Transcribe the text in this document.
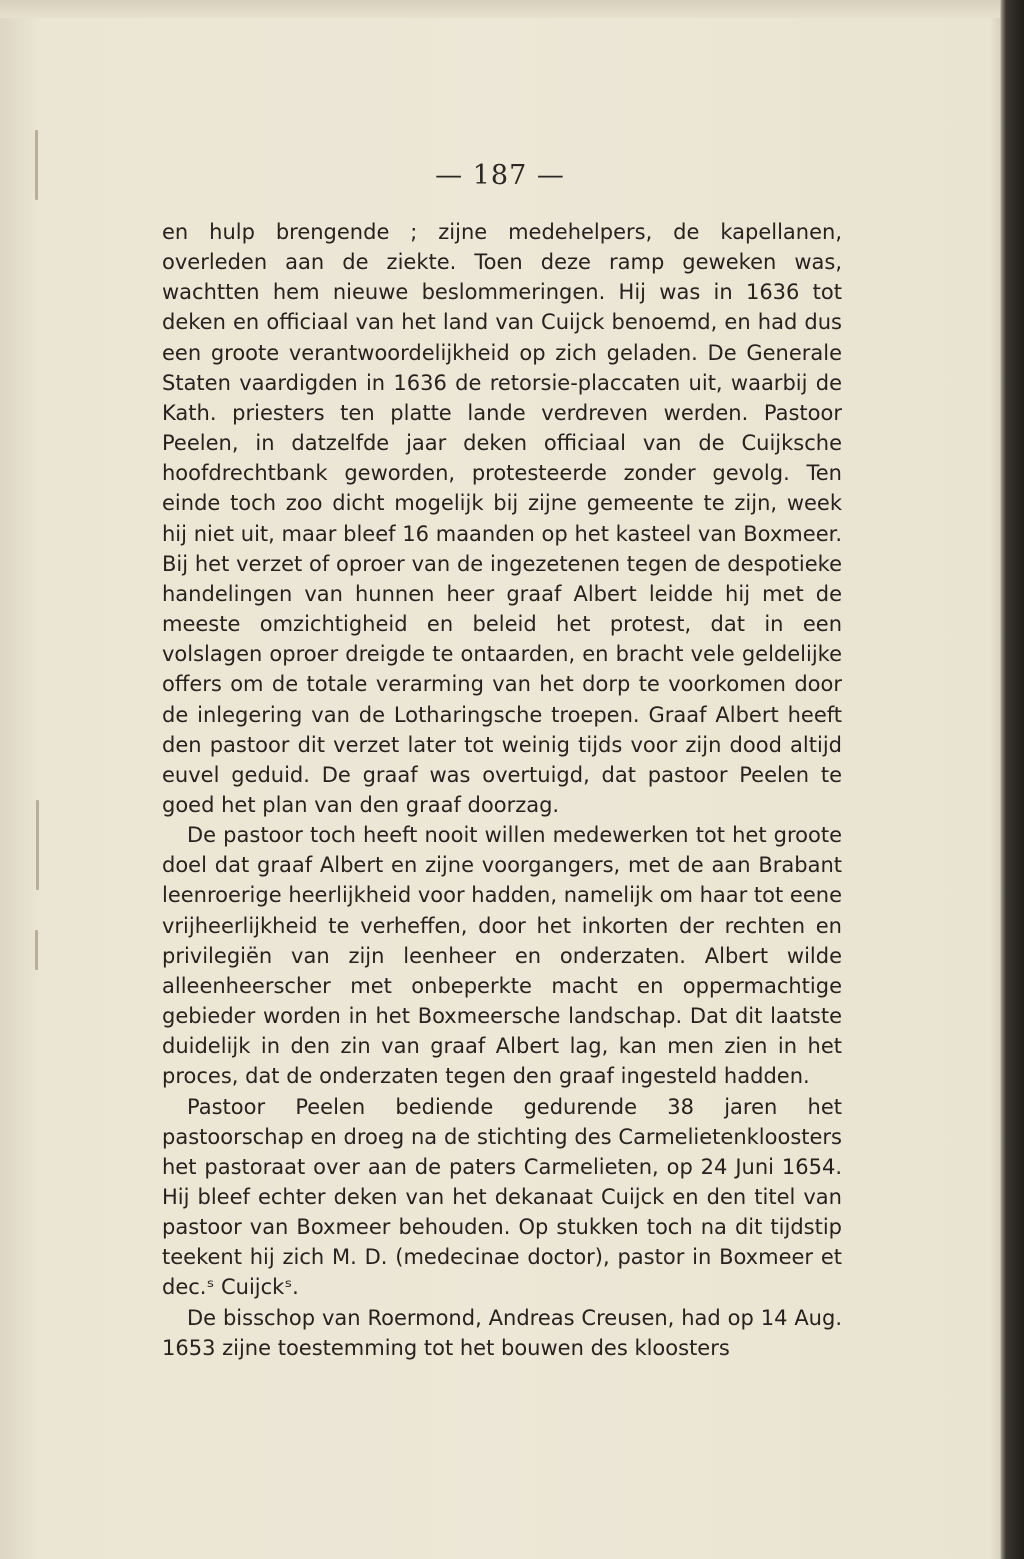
— 187 —

en hulp brengende ; zijne medehelpers, de kapellanen, overleden aan de ziekte. Toen deze ramp geweken was, wachtten hem nieuwe beslommeringen. Hij was in 1636 tot deken en officiaal van het land van Cuijck benoemd, en had dus een groote verantwoordelijkheid op zich geladen. De Generale Staten vaardigden in 1636 de retorsie-placcaten uit, waarbij de Kath. priesters ten platte lande verdreven werden. Pastoor Peelen, in datzelfde jaar deken officiaal van de Cuijksche hoofdrechtbank geworden, protesteerde zonder gevolg. Ten einde toch zoo dicht mogelijk bij zijne gemeente te zijn, week hij niet uit, maar bleef 16 maanden op het kasteel van Boxmeer. Bij het verzet of oproer van de ingezetenen tegen de despotieke handelingen van hunnen heer graaf Albert leidde hij met de meeste omzichtigheid en beleid het protest, dat in een volslagen oproer dreigde te ontaarden, en bracht vele geldelijke offers om de totale verarming van het dorp te voorkomen door de inlegering van de Lotharingsche troepen. Graaf Albert heeft den pastoor dit verzet later tot weinig tijds voor zijn dood altijd euvel geduid. De graaf was overtuigd, dat pastoor Peelen te goed het plan van den graaf doorzag.

De pastoor toch heeft nooit willen medewerken tot het groote doel dat graaf Albert en zijne voorgangers, met de aan Brabant leenroerige heerlijkheid voor hadden, namelijk om haar tot eene vrijheerlijkheid te verheffen, door het inkorten der rechten en privilegiën van zijn leenheer en onderzaten. Albert wilde alleenheerscher met onbeperkte macht en oppermachtige gebieder worden in het Boxmeersche landschap. Dat dit laatste duidelijk in den zin van graaf Albert lag, kan men zien in het proces, dat de onderzaten tegen den graaf ingesteld hadden.

Pastoor Peelen bediende gedurende 38 jaren het pastoorschap en droeg na de stichting des Carmelietenkloosters het pastoraat over aan de paters Carmelieten, op 24 Juni 1654. Hij bleef echter deken van het dekanaat Cuijck en den titel van pastoor van Boxmeer behouden. Op stukken toch na dit tijdstip teekent hij zich M. D. (medecinae doctor), pastor in Boxmeer et dec.ˢ Cuijckˢ.

De bisschop van Roermond, Andreas Creusen, had op 14 Aug. 1653 zijne toestemming tot het bouwen des kloosters
